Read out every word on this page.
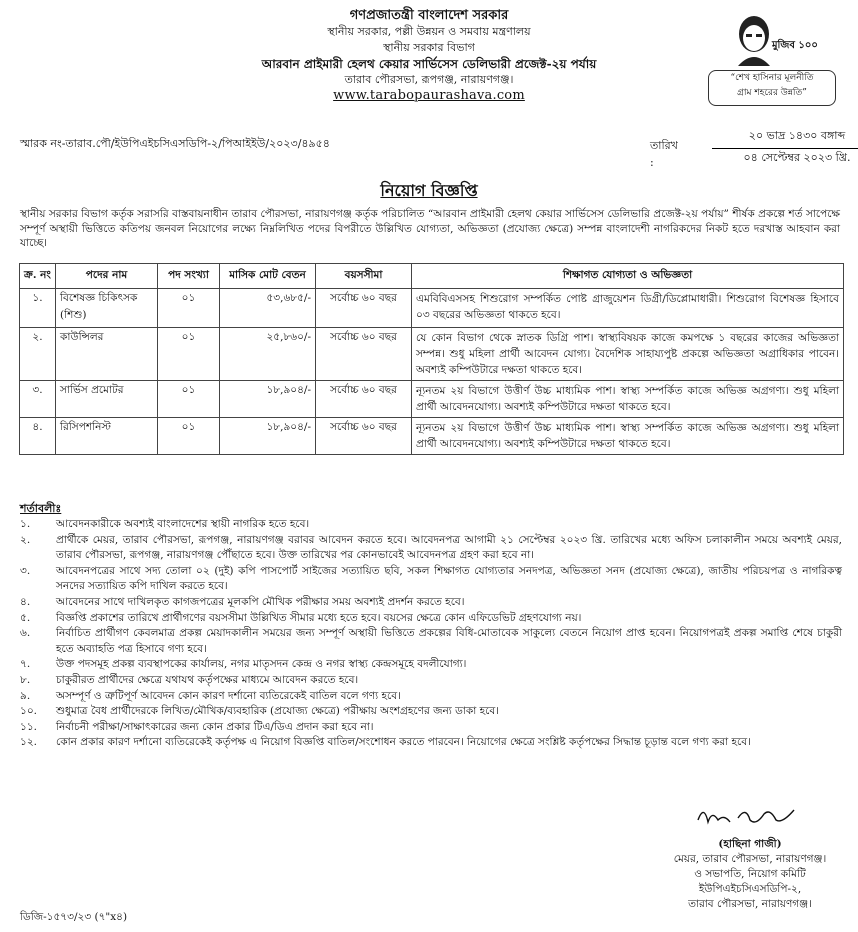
গণপ্রজাতন্ত্রী বাংলাদেশ সরকার
স্থানীয় সরকার, পল্লী উন্নয়ন ও সমবায় মন্ত্রণালয়
স্থানীয় সরকার বিভাগ
আরবান প্রাইমারী হেলথ কেয়ার সার্ভিসেস ডেলিভারী প্রজেক্ট-২য় পর্যায়
তারাব পৌরসভা, রূপগঞ্জ, নারায়ণগঞ্জ।
www.tarabopaurashava.com
মুজিব ১০০
“শেখ হাসিনার মূলনীতি
গ্রাম শহরের উন্নতি”
স্মারক নং-তারাব.পৌ/ইউপিএইচসিএসডিপি-২/পিআইইউ/২০২৩/৪৯৫৪	তারিখ :
২০ ভাদ্র ১৪৩০ বঙ্গাব্দ
০৪ সেপ্টেম্বর ২০২৩ খ্রি.
নিয়োগ বিজ্ঞপ্তি
স্থানীয় সরকার বিভাগ কর্তৃক সরাসরি বাস্তবায়নাধীন তারাব পৌরসভা, নারায়ণগঞ্জ কর্তৃক পরিচালিত “আরবান প্রাইমারী হেলথ কেয়ার সার্ভিসেস ডেলিভারি প্রজেক্ট-২য় পর্যায়” শীর্ষক প্রকল্পে শর্ত সাপেক্ষে সম্পূর্ণ অস্থায়ী ভিত্তিতে কতিপয় জনবল নিয়োগের লক্ষ্যে নিম্নলিখিত পদের বিপরীতে উল্লিখিত যোগ্যতা, অভিজ্ঞতা (প্রযোজ্য ক্ষেত্রে) সম্পন্ন বাংলাদেশী নাগরিকদের নিকট হতে দরখাস্ত আহবান করা যাচ্ছে।
ক্র. নং	পদের নাম	পদ সংখ্যা	মাসিক মোট বেতন	বয়সসীমা	শিক্ষাগত যোগ্যতা ও অভিজ্ঞতা
১.	বিশেষজ্ঞ চিকিৎসক (শিশু)	০১	৫৩,৬৮৫/-	সর্বোচ্চ ৬০ বছর	এমবিবিএসসহ শিশুরোগ সম্পর্কিত পোষ্ট গ্রাজুয়েশন ডিগ্রী/ডিপ্লোমাধারী। শিশুরোগ বিশেষজ্ঞ হিসাবে ০৩ বছরের অভিজ্ঞতা থাকতে হবে।
২.	কাউন্সিলর	০১	২৫,৮৬০/-	সর্বোচ্চ ৬০ বছর	যে কোন বিভাগ থেকে স্নাতক ডিগ্রি পাশ। স্বাস্থ্যবিষয়ক কাজে কমপক্ষে ১ বছরের কাজের অভিজ্ঞতা সম্পন্ন। শুধু মহিলা প্রার্থী আবেদন যোগ্য। বৈদেশিক সাহায্যপুষ্ট প্রকল্পে অভিজ্ঞতা অগ্রাধিকার পাবেন। অবশ্যই কম্পিউটারে দক্ষতা থাকতে হবে।
৩.	সার্ভিস প্রমোটর	০১	১৮,৯০৪/-	সর্বোচ্চ ৬০ বছর	ন্যূনতম ২য় বিভাগে উত্তীর্ণ উচ্চ মাধ্যমিক পাশ। স্বাস্থ্য সম্পর্কিত কাজে অভিজ্ঞ অগ্রগণ্য। শুধু মহিলা প্রার্থী আবেদনযোগ্য। অবশ্যই কম্পিউটারে দক্ষতা থাকতে হবে।
৪.	রিসিপশনিস্ট	০১	১৮,৯০৪/-	সর্বোচ্চ ৬০ বছর	ন্যূনতম ২য় বিভাগে উত্তীর্ণ উচ্চ মাধ্যমিক পাশ। স্বাস্থ্য সম্পর্কিত কাজে অভিজ্ঞ অগ্রগণ্য। শুধু মহিলা প্রার্থী আবেদনযোগ্য। অবশ্যই কম্পিউটারে দক্ষতা থাকতে হবে।
শর্তাবলীঃ
১.	আবেদনকারীকে অবশ্যই বাংলাদেশের স্থায়ী নাগরিক হতে হবে।
২.	প্রার্থীকে মেয়র, তারাব পৌরসভা, রূপগঞ্জ, নারায়ণগঞ্জ বরাবর আবেদন করতে হবে। আবেদনপত্র আগামী ২১ সেপ্টেম্বর ২০২৩ খ্রি. তারিখের মধ্যে অফিস চলাকালীন সময়ে অবশ্যই মেয়র, তারাব পৌরসভা, রূপগঞ্জ, নারায়ণগঞ্জ পৌঁছাতে হবে। উক্ত তারিখের পর কোনভাবেই আবেদনপত্র গ্রহণ করা হবে না।
৩.	আবেদনপত্রের সাথে সদ্য তোলা ০২ (দুই) কপি পাসপোর্ট সাইজের সত্যায়িত ছবি, সকল শিক্ষাগত যোগ্যতার সনদপত্র, অভিজ্ঞতা সনদ (প্রযোজ্য ক্ষেত্রে), জাতীয় পরিচয়পত্র ও নাগরিকত্ব সনদের সত্যায়িত কপি দাখিল করতে হবে।
৪.	আবেদনের সাথে দাখিলকৃত কাগজপত্রের মূলকপি মৌখিক পরীক্ষার সময় অবশ্যই প্রদর্শন করতে হবে।
৫.	বিজ্ঞপ্তি প্রকাশের তারিখে প্রার্থীগণের বয়সসীমা উল্লিখিত সীমার মধ্যে হতে হবে। বয়সের ক্ষেত্রে কোন এফিডেভিট গ্রহণযোগ্য নয়।
৬.	নির্বাচিত প্রার্থীগণ কেবলমাত্র প্রকল্প মেয়াদকালীন সময়ের জন্য সম্পূর্ণ অস্থায়ী ভিত্তিতে প্রকল্পের বিধি-মোতাবেক সাকুল্যে বেতনে নিয়োগ প্রাপ্ত হবেন। নিয়োগপত্রই প্রকল্প সমাপ্তি শেষে চাকুরী হতে অব্যাহতি পত্র হিসাবে গণ্য হবে।
৭.	উক্ত পদসমূহ প্রকল্প ব্যবস্থাপকের কার্যালয়, নগর মাতৃসদন কেন্দ্র ও নগর স্বাস্থ্য কেন্দ্রসমূহে বদলীযোগ্য।
৮.	চাকুরীরত প্রার্থীদের ক্ষেত্রে যথাযথ কর্তৃপক্ষের মাধ্যমে আবেদন করতে হবে।
৯.	অসম্পূর্ণ ও ত্রুটিপূর্ণ আবেদন কোন কারণ দর্শানো ব্যতিরেকেই বাতিল বলে গণ্য হবে।
১০.	শুধুমাত্র বৈধ প্রার্থীদেরকে লিখিত/মৌখিক/ব্যবহারিক (প্রযোজ্য ক্ষেত্রে) পরীক্ষায় অংশগ্রহণের জন্য ডাকা হবে।
১১.	নির্বাচনী পরীক্ষা/সাক্ষাৎকারের জন্য কোন প্রকার টিএ/ডিএ প্রদান করা হবে না।
১২.	কোন প্রকার কারণ দর্শানো ব্যতিরেকেই কর্তৃপক্ষ এ নিয়োগ বিজ্ঞপ্তি বাতিল/সংশোধন করতে পারবেন। নিয়োগের ক্ষেত্রে সংশ্লিষ্ট কর্তৃপক্ষের সিদ্ধান্ত চূড়ান্ত বলে গণ্য করা হবে।
(হাছিনা গাজী)
মেয়র, তারাব পৌরসভা, নারায়ণগঞ্জ।
ও সভাপতি, নিয়োগ কমিটি
ইউপিএইচসিএসডিপি-২,
তারাব পৌরসভা, নারায়ণগঞ্জ।
ডিজি-১৫৭৩/২৩ (৭"x৪)
